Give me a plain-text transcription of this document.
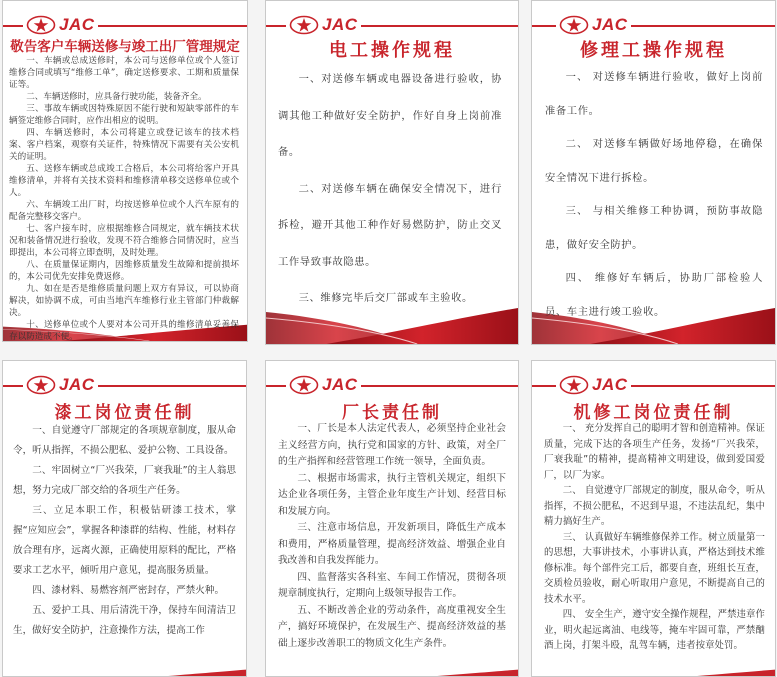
JAC
敬告客户车辆送修与竣工出厂管理规定

一、车辆或总成送修时，本公司与送修单位或个人签订维修合同或填写“维修工单”，确定送修要求、工期和质量保证等。

二、车辆送修时，应具备行驶功能，装备齐全。

三、事故车辆或因特殊原因不能行驶和短缺零部件的车辆签定维修合同时，应作出相应的说明。

四、车辆送修时，本公司将建立或登记该车的技术档案、客户档案，观察有关证件，特殊情况下需要有关公安机关的证明。

五、送修车辆或总成竣工合格后，本公司将给客户开具维修清单，并将有关技术资料和维修清单移交送修单位或个人。

六、车辆竣工出厂时，均按送修单位或个人汽车原有的配备完整移交客户。

七、客户接车时，应根据维修合同规定，就车辆技术状况和装备情况进行验收，发现不符合维修合同情况时，应当即提出，本公司将立即查明，及时处理。

八、在质量保证期内，因维修质量发生故障和提前损坏的，本公司优先安排免费返修。

九、如在是否是维修质量问题上双方有异议，可以协商解决，如协调不成，可由当地汽车维修行业主管部门仲裁解决。

十、送修单位或个人要对本公司开具的维修清单妥善保存以防造成不便。

JAC
电工操作规程

一、对送修车辆或电器设备进行验收，协调其他工种做好安全防护，作好自身上岗前准备。

二、对送修车辆在确保安全情况下，进行拆检，避开其他工种作好易燃防护，防止交叉工作导致事故隐患。

三、维修完毕后交厂部或车主验收。

JAC
修理工操作规程

一、 对送修车辆进行验收，做好上岗前准备工作。

二、 对送修车辆做好场地停稳，在确保安全情况下进行拆检。

三、 与相关维修工种协调，预防事故隐患，做好安全防护。

四、 维修好车辆后，协助厂部检验人员、车主进行竣工验收。

JAC
漆工岗位责任制

一、自觉遵守厂部规定的各项规章制度，服从命令，听从指挥，不损公肥私、爱护公物、工具设备。

二、牢固树立“厂兴我荣，厂衰我耻”的主人翁思想，努力完成厂部交给的各项生产任务。

三、立足本职工作，积极钻研漆工技术，掌握“应知应会”，掌握各种漆群的结构、性能，材料存放合理有序，远离火源，正确使用原料的配比，严格要求工艺水平，倾听用户意见，提高服务质量。

四、漆材料、易燃容剂严密封存，严禁火种。

五、爱护工具、用后清洗干净，保持车间清洁卫生，做好安全防护，注意操作方法，提高工作

JAC
厂长责任制

一、厂长是本人法定代表人，必须坚持企业社会主义经营方向，执行党和国家的方针、政策，对全厂的生产指挥和经营管理工作统一领导，全面负责。

二、根据市场需求，执行主管机关规定，组织下达企业各项任务，主管企业年度生产计划、经营目标和发展方向。

三、注意市场信息，开发新项目，降低生产成本和费用，严格质量管理，提高经济效益、增强企业自我改善和自我发挥能力。

四、监督落实各科室、车间工作情况，贯彻各项规章制度执行，定期向上级领导报告工作。

五、不断改善企业的劳动条件，高度重视安全生产，搞好环境保护，在发展生产、提高经济效益的基础上逐步改善职工的物质文化生产条件。

JAC
机修工岗位责任制

一、 充分发挥自己的聪明才智和创造精神。保证质量，完成下达的各项生产任务，发扬“厂兴我荣，厂衰我耻”的精神，提高精神文明建设，做到爱国爱厂，以厂为家。

二、 自觉遵守厂部规定的制度，服从命令，听从指挥，不损公肥私，不迟到早退，不违法乱纪，集中精力搞好生产。

三、 认真做好车辆维修保养工作。树立质量第一的思想，大事讲技术，小事讲认真，严格达到技术维修标准。每个部件完工后，都要自查，班组长互查，交质检员验收，耐心听取用户意见，不断提高自己的技术水平。

四、 安全生产，遵守安全操作规程，严禁违章作业，明火起远离油、电线等，掩车牢固可靠，严禁酗酒上岗，打架斗殴，乱驾车辆，违者按章处罚。
